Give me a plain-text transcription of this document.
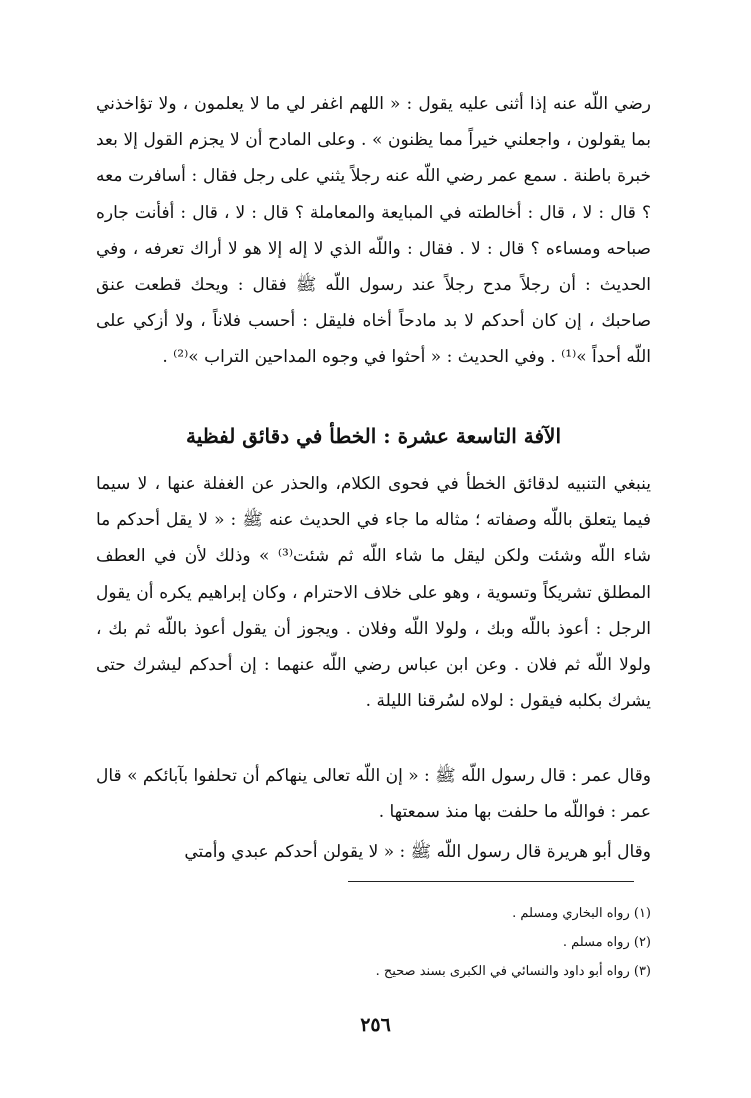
رضي اللّه عنه إذا أثنى عليه يقول : « اللهم اغفر لي ما لا يعلمون ، ولا تؤاخذني بما يقولون ، واجعلني خيراً مما يظنون » . وعلى المادح أن لا يجزم القول إلا بعد خبرة باطنة . سمع عمر رضي اللّه عنه رجلاً يثني على رجل فقال : أسافرت معه ؟ قال : لا ، قال : أخالطته في المبايعة والمعاملة ؟ قال : لا ، قال : أفأنت جاره صباحه ومساءه ؟ قال : لا . فقال : واللّه الذي لا إله إلا هو لا أراك تعرفه ، وفي الحديث : أن رجلاً مدح رجلاً عند رسول اللّه ﷺ فقال : ويحك قطعت عنق صاحبك ، إن كان أحدكم لا بد مادحاً أخاه فليقل : أحسب فلاناً ، ولا أزكي على اللّه أحداً »⁽¹⁾ . وفي الحديث : « أحثوا في وجوه المداحين التراب »⁽²⁾ .

الآفة التاسعة عشرة : الخطأ في دقائق لفظية

ينبغي التنبيه لدقائق الخطأ في فحوى الكلام، والحذر عن الغفلة عنها ، لا سيما فيما يتعلق باللّه وصفاته ؛ مثاله ما جاء في الحديث عنه ﷺ : « لا يقل أحدكم ما شاء اللّه وشئت ولكن ليقل ما شاء اللّه ثم شئت⁽³⁾ » وذلك لأن في العطف المطلق تشريكاً وتسوية ، وهو على خلاف الاحترام ، وكان إبراهيم يكره أن يقول الرجل : أعوذ باللّه وبك ، ولولا اللّه وفلان . ويجوز أن يقول أعوذ باللّه ثم بك ، ولولا اللّه ثم فلان . وعن ابن عباس رضي اللّه عنهما : إن أحدكم ليشرك حتى يشرك بكلبه فيقول : لولاه لسُرقنا الليلة .

وقال عمر : قال رسول اللّه ﷺ : « إن اللّه تعالى ينهاكم أن تحلفوا بآبائكم » قال عمر : فواللّه ما حلفت بها منذ سمعتها .

وقال أبو هريرة قال رسول اللّه ﷺ : « لا يقولن أحدكم عبدي وأمتي

(١) رواه البخاري ومسلم .
(٢) رواه مسلم .
(٣) رواه أبو داود والنسائي في الكبرى بسند صحيح .
٢٥٦
